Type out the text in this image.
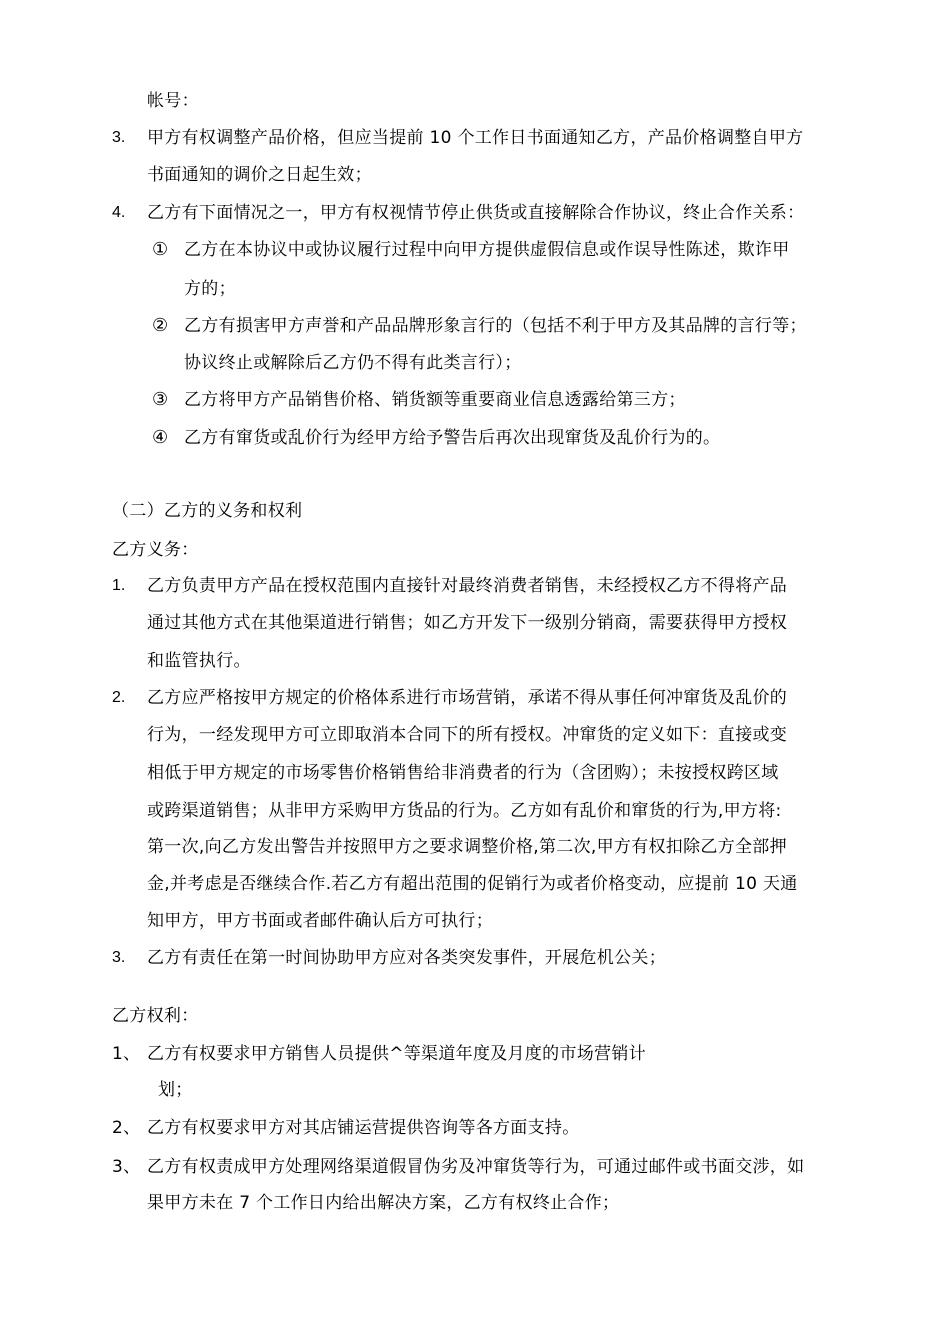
帐号：
3. 甲方有权调整产品价格，但应当提前 10 个工作日书面通知乙方，产品价格调整自甲方
书面通知的调价之日起生效；
4. 乙方有下面情况之一，甲方有权视情节停止供货或直接解除合作协议，终止合作关系：
① 乙方在本协议中或协议履行过程中向甲方提供虚假信息或作误导性陈述，欺诈甲
方的；
② 乙方有损害甲方声誉和产品品牌形象言行的（包括不利于甲方及其品牌的言行等；
协议终止或解除后乙方仍不得有此类言行）；
③ 乙方将甲方产品销售价格、销货额等重要商业信息透露给第三方；
④ 乙方有窜货或乱价行为经甲方给予警告后再次出现窜货及乱价行为的。
（二）乙方的义务和权利
乙方义务：
1. 乙方负责甲方产品在授权范围内直接针对最终消费者销售，未经授权乙方不得将产品
通过其他方式在其他渠道进行销售；如乙方开发下一级别分销商，需要获得甲方授权
和监管执行。
2. 乙方应严格按甲方规定的价格体系进行市场营销，承诺不得从事任何冲窜货及乱价的
行为，一经发现甲方可立即取消本合同下的所有授权。冲窜货的定义如下：直接或变
相低于甲方规定的市场零售价格销售给非消费者的行为（含团购）；未按授权跨区域
或跨渠道销售；从非甲方采购甲方货品的行为。乙方如有乱价和窜货的行为,甲方将:
第一次,向乙方发出警告并按照甲方之要求调整价格,第二次,甲方有权扣除乙方全部押
金,并考虑是否继续合作.若乙方有超出范围的促销行为或者价格变动，应提前 10 天通
知甲方，甲方书面或者邮件确认后方可执行；
3. 乙方有责任在第一时间协助甲方应对各类突发事件，开展危机公关；
乙方权利：
1、 乙方有权要求甲方销售人员提供^等渠道年度及月度的市场营销计
划；
2、 乙方有权要求甲方对其店铺运营提供咨询等各方面支持。
3、 乙方有权责成甲方处理网络渠道假冒伪劣及冲窜货等行为，可通过邮件或书面交涉，如
果甲方未在 7 个工作日内给出解决方案，乙方有权终止合作；
